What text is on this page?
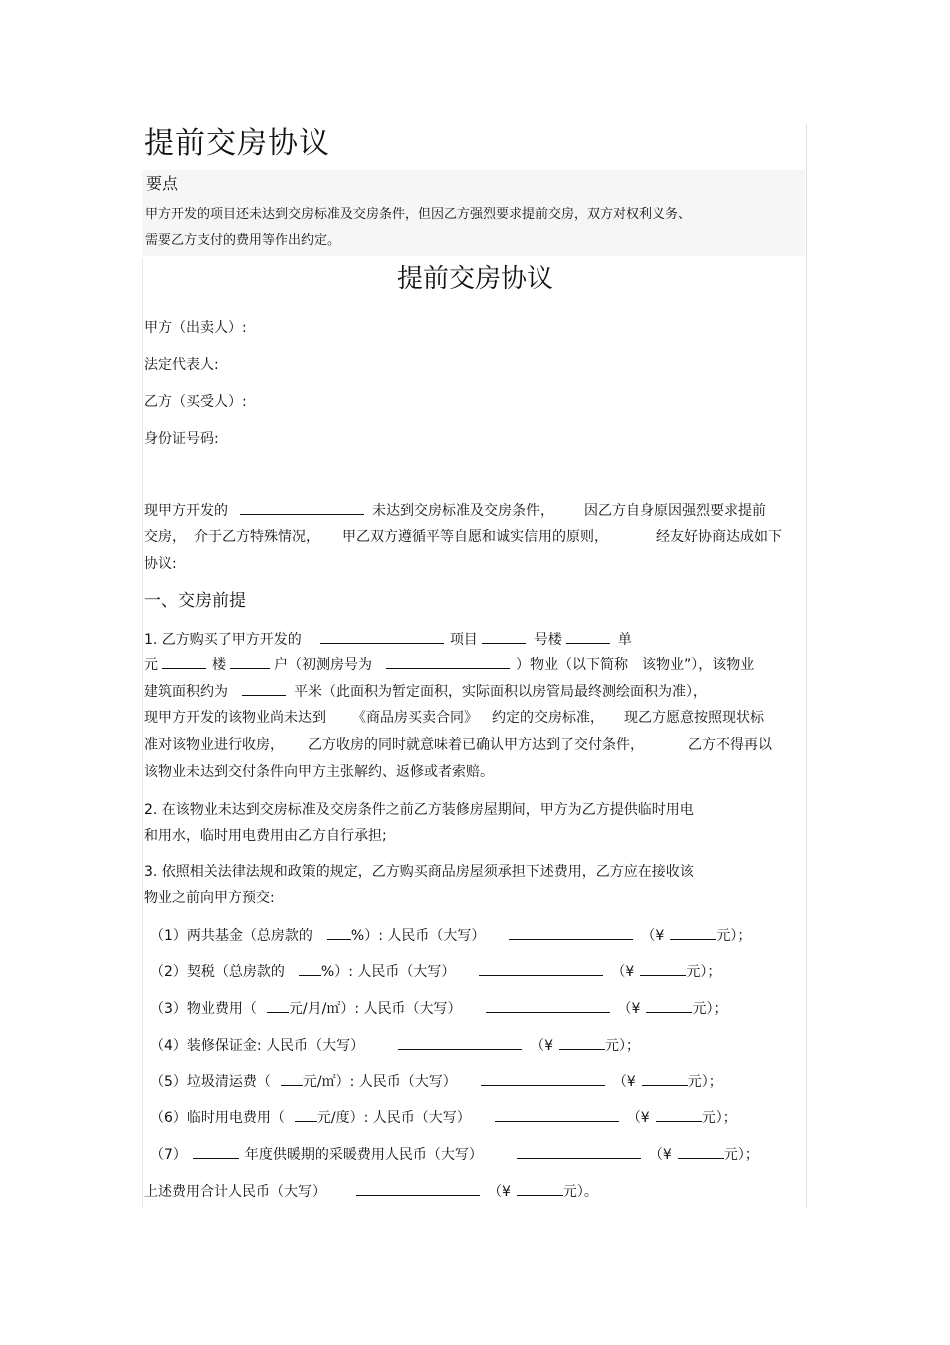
提前交房协议
要点
甲方开发的项目还未达到交房标准及交房条件，但因乙方强烈要求提前交房，双方对权利义务、
需要乙方支付的费用等作出约定。
提前交房协议
甲方（出卖人）:
法定代表人:
乙方（买受人）:
身份证号码:
现甲方开发的	未达到交房标准及交房条件， 因乙方自身原因强烈要求提前
交房， 介于乙方特殊情况， 甲乙双方遵循平等自愿和诚实信用的原则，	经友好协商达成如下
协议:
一、交房前提
1. 乙方购买了甲方开发的	项目	号楼	单
元	楼	户（初测房号为	）物业（以下简称 该物业”），该物业
建筑面积约为	平米（此面积为暂定面积，实际面积以房管局最终测绘面积为准），
现甲方开发的该物业尚未达到 《商品房买卖合同》 约定的交房标准， 现乙方愿意按照现状标
准对该物业进行收房， 乙方收房的同时就意味着已确认甲方达到了交付条件，	乙方不得再以
该物业未达到交付条件向甲方主张解约、返修或者索赔。
2. 在该物业未达到交房标准及交房条件之前乙方装修房屋期间，甲方为乙方提供临时用电
和用水，临时用电费用由乙方自行承担;
3. 依照相关法律法规和政策的规定，乙方购买商品房屋须承担下述费用，乙方应在接收该
物业之前向甲方预交:
（1）两共基金（总房款的	%）: 人民币（大写）	（¥	元）；
（2）契税（总房款的	%）: 人民币（大写）	（¥	元）；
（3）物业费用（ 元/月/㎡）: 人民币（大写）	（¥	元）；
（4）装修保证金: 人民币（大写）	（¥	元）；
（5）垃圾清运费（ 元/㎡）: 人民币（大写）	（¥	元）；
（6）临时用电费用（ 元/度）: 人民币（大写）	（¥	元）；
（7）	年度供暖期的采暖费用人民币（大写）	（¥	元）；
上述费用合计人民币（大写）	（¥	元）。
